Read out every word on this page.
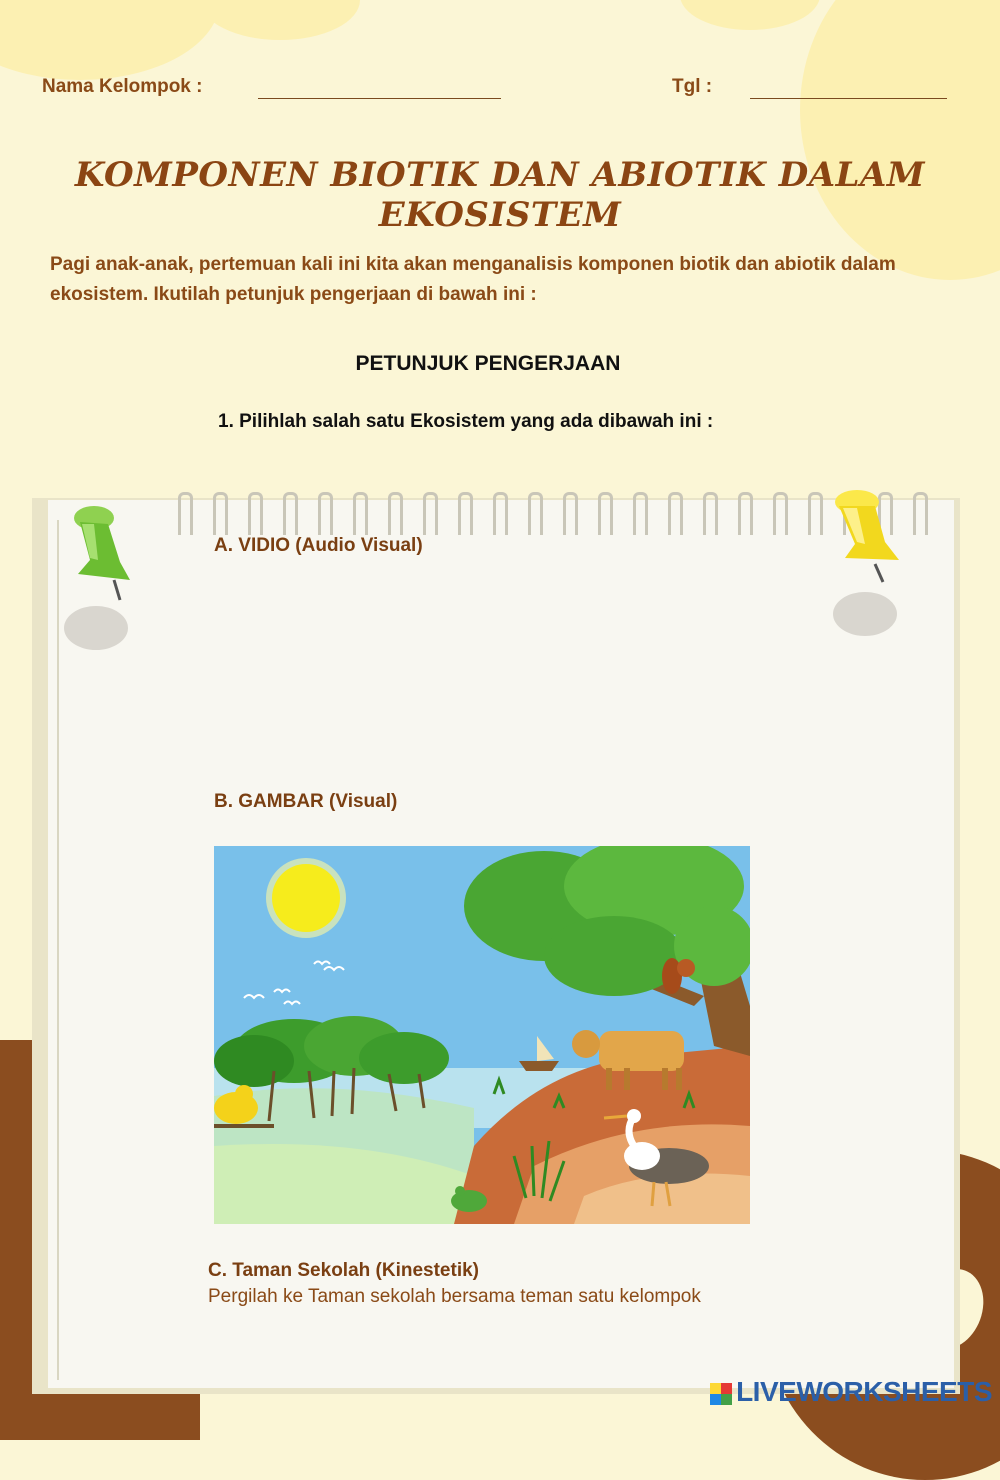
Nama Kelompok :	Tgl :
KOMPONEN BIOTIK DAN ABIOTIK DALAM EKOSISTEM
Pagi anak-anak, pertemuan kali ini kita akan menganalisis komponen biotik dan abiotik dalam ekosistem. Ikutilah petunjuk pengerjaan di bawah ini :
PETUNJUK PENGERJAAN
1. Pilihlah salah satu Ekosistem yang ada dibawah ini :
A. VIDIO (Audio Visual)
B. GAMBAR (Visual)
C. Taman Sekolah (Kinestetik)
Pergilah ke Taman sekolah bersama teman satu kelompok
LIVEWORKSHEETS
